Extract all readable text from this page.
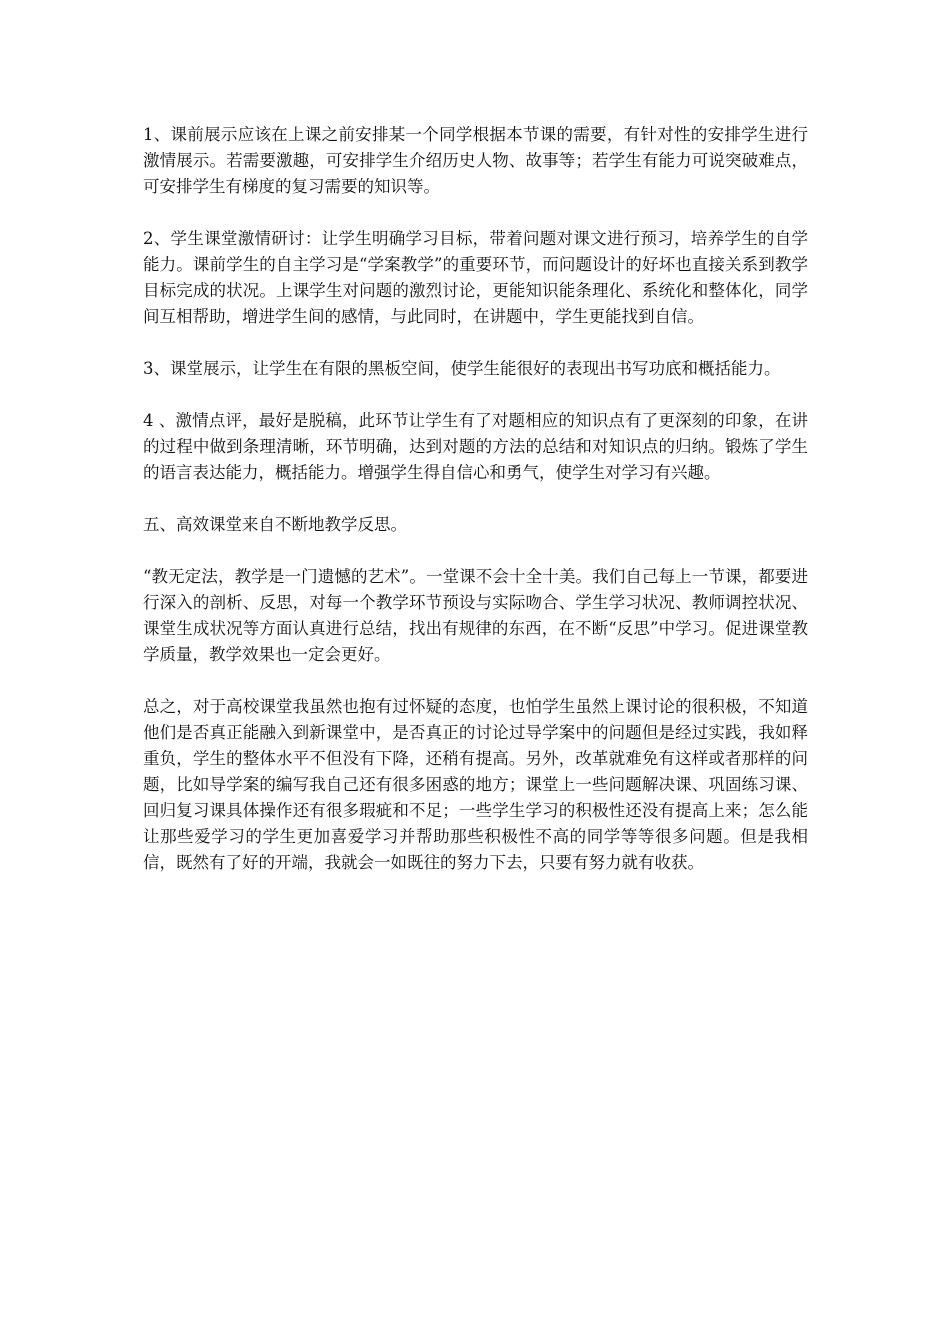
1、课前展示应该在上课之前安排某一个同学根据本节课的需要，有针对性的安排学生进行激情展示。若需要激趣，可安排学生介绍历史人物、故事等；若学生有能力可说突破难点，可安排学生有梯度的复习需要的知识等。

2、学生课堂激情研讨：让学生明确学习目标，带着问题对课文进行预习，培养学生的自学能力。课前学生的自主学习是“学案教学”的重要环节，而问题设计的好坏也直接关系到教学目标完成的状况。上课学生对问题的激烈讨论，更能知识能条理化、系统化和整体化，同学间互相帮助，增进学生间的感情，与此同时，在讲题中，学生更能找到自信。

3、课堂展示，让学生在有限的黑板空间，使学生能很好的表现出书写功底和概括能力。

4 、激情点评，最好是脱稿，此环节让学生有了对题相应的知识点有了更深刻的印象，在讲的过程中做到条理清晰，环节明确，达到对题的方法的总结和对知识点的归纳。锻炼了学生的语言表达能力，概括能力。增强学生得自信心和勇气，使学生对学习有兴趣。

五、高效课堂来自不断地教学反思。

“教无定法，教学是一门遗憾的艺术”。一堂课不会十全十美。我们自己每上一节课，都要进行深入的剖析、反思，对每一个教学环节预设与实际吻合、学生学习状况、教师调控状况、课堂生成状况等方面认真进行总结，找出有规律的东西，在不断“反思”中学习。促进课堂教学质量，教学效果也一定会更好。

总之，对于高校课堂我虽然也抱有过怀疑的态度，也怕学生虽然上课讨论的很积极，不知道他们是否真正能融入到新课堂中，是否真正的讨论过导学案中的问题但是经过实践，我如释重负，学生的整体水平不但没有下降，还稍有提高。另外，改革就难免有这样或者那样的问题，比如导学案的编写我自己还有很多困惑的地方；课堂上一些问题解决课、巩固练习课、回归复习课具体操作还有很多瑕疵和不足；一些学生学习的积极性还没有提高上来；怎么能让那些爱学习的学生更加喜爱学习并帮助那些积极性不高的同学等等很多问题。但是我相信，既然有了好的开端，我就会一如既往的努力下去，只要有努力就有收获。
